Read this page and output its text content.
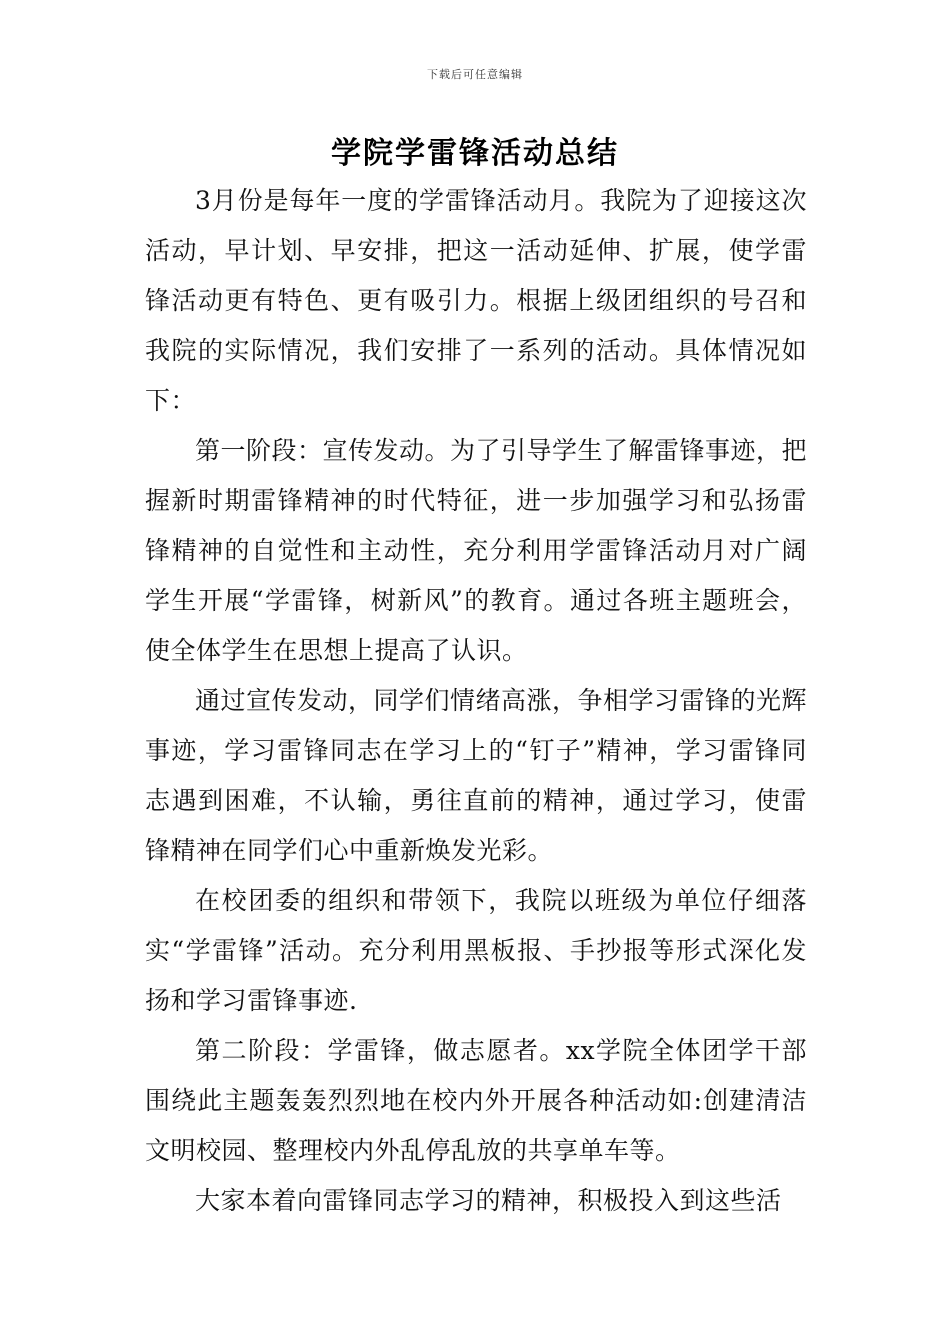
下载后可任意编辑
学院学雷锋活动总结

3月份是每年一度的学雷锋活动月。我院为了迎接这次活动，早计划、早安排，把这一活动延伸、扩展，使学雷锋活动更有特色、更有吸引力。根据上级团组织的号召和我院的实际情况，我们安排了一系列的活动。具体情况如下：

第一阶段：宣传发动。为了引导学生了解雷锋事迹，把握新时期雷锋精神的时代特征，进一步加强学习和弘扬雷锋精神的自觉性和主动性，充分利用学雷锋活动月对广阔学生开展“学雷锋，树新风”的教育。通过各班主题班会，使全体学生在思想上提高了认识。

通过宣传发动，同学们情绪高涨，争相学习雷锋的光辉事迹，学习雷锋同志在学习上的“钉子”精神，学习雷锋同志遇到困难，不认输，勇往直前的精神，通过学习，使雷锋精神在同学们心中重新焕发光彩。

在校团委的组织和带领下，我院以班级为单位仔细落实“学雷锋”活动。充分利用黑板报、手抄报等形式深化发扬和学习雷锋事迹.

第二阶段：学雷锋，做志愿者。xx学院全体团学干部围绕此主题轰轰烈烈地在校内外开展各种活动如:创建清洁文明校园、整理校内外乱停乱放的共享单车等。

大家本着向雷锋同志学习的精神，积极投入到这些活
